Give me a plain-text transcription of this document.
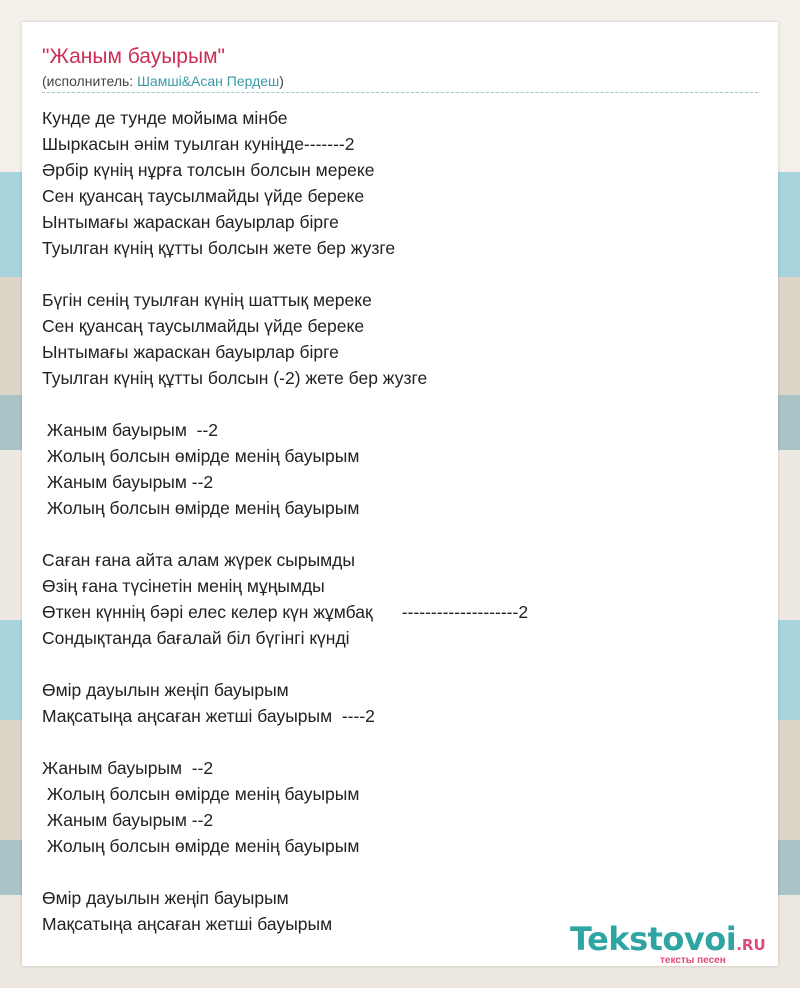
"Жаным бауырым"
(исполнитель: Шамші&Асан Пердеш)
Кунде де тунде мойыма мінбе
Шыркасын әнім туылган куніңде-------2
Әрбір күнің нұрға толсын болсын мереке
Сен қуансаң таусылмайды үйде береке
Ынтымағы жараскан бауырлар бірге
Туылган күнің құтты болсын жете бер жузге
Бүгін сенің туылған күнің шаттық мереке
Сен қуансаң таусылмайды үйде береке
Ынтымағы жараскан бауырлар бірге
Туылган күнің құтты болсын (-2) жете бер жузге
Жаным бауырым  --2
Жолың болсын өмірде менің бауырым
Жаным бауырым --2
Жолың болсын өмірде менің бауырым
Саған ғана айта алам жүрек сырымды
Өзің ғана түсінетін менің мұңымды
Өткен күннің бәрі елес келер күн жұмбақ      --------------------2
Сондықтанда бағалай біл бүгінгі күнді
Өмір дауылын жеңіп бауырым
Мақсатыңа аңсаған жетші бауырым  ----2
Жаным бауырым  --2
Жолың болсын өмірде менің бауырым
Жаным бауырым --2
Жолың болсын өмірде менің бауырым
Өмір дауылын жеңіп бауырым
Мақсатыңа аңсаған жетші бауырым	Tekstovoi.RU
тексты песен
